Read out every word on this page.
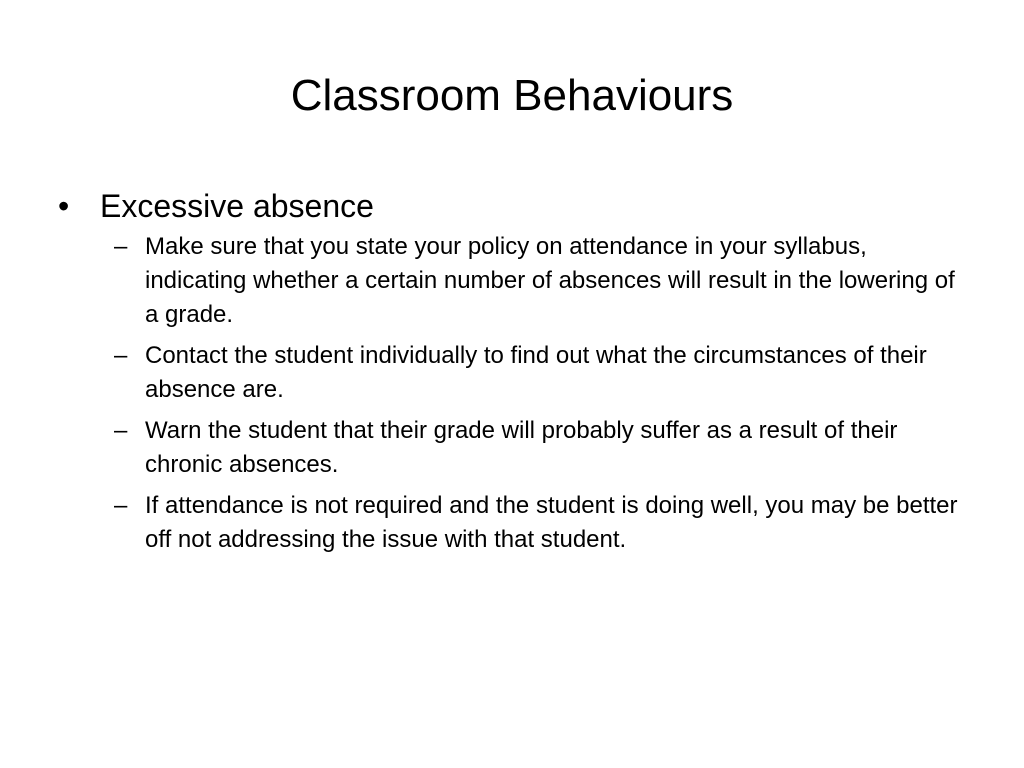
Classroom Behaviours
• Excessive absence
– Make sure that you state your policy on attendance in your syllabus, indicating whether a certain number of absences will result in the lowering of a grade.
– Contact the student individually to find out what the circumstances of their absence are.
– Warn the student that their grade will probably suffer as a result of their chronic absences.
– If attendance is not required and the student is doing well, you may be better off not addressing the issue with that student.
